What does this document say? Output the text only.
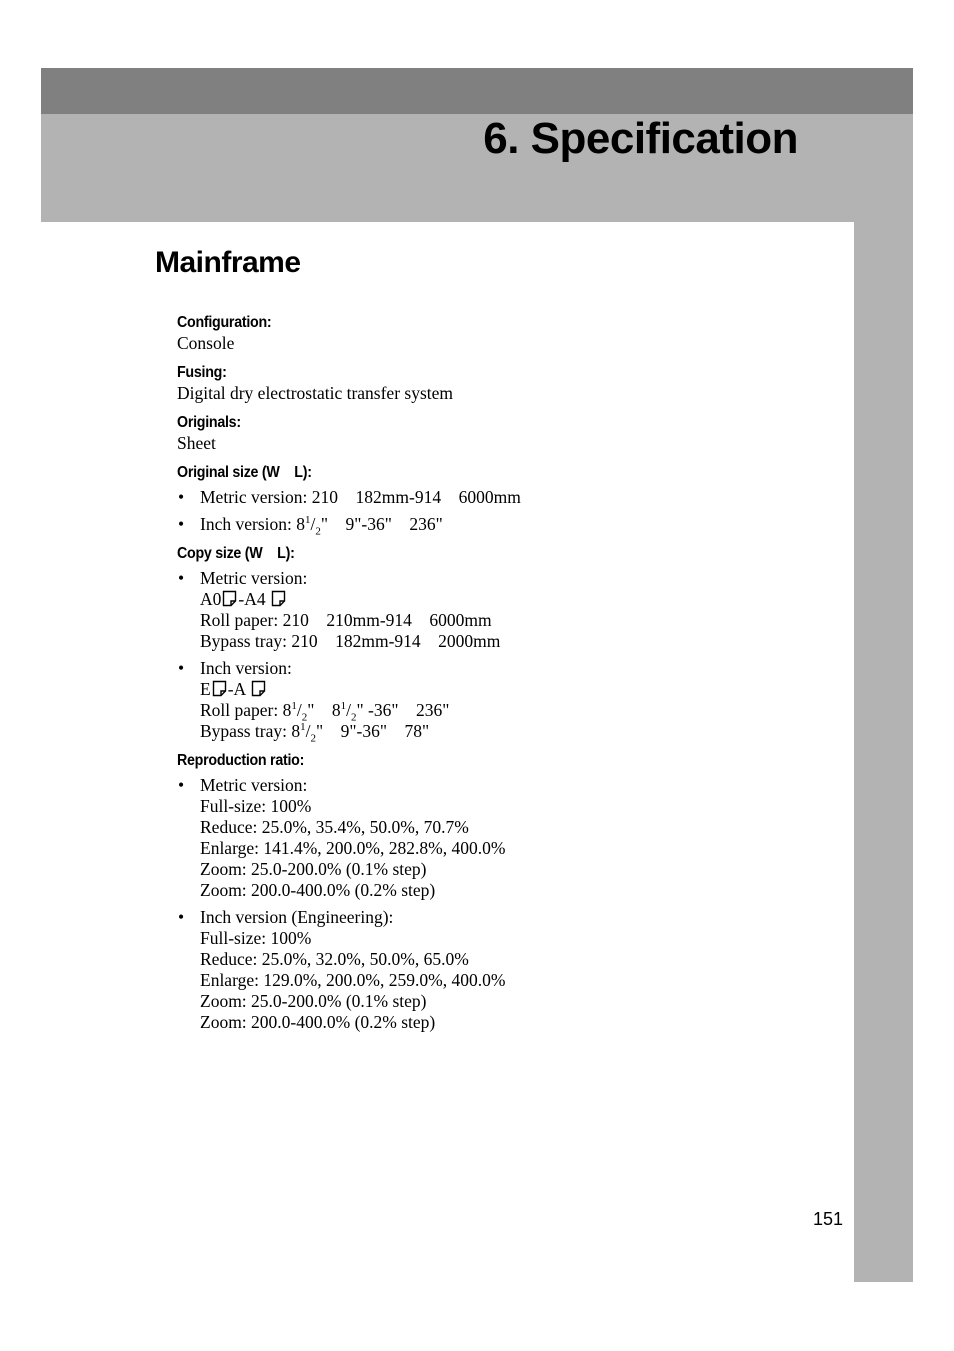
6. Specification
Mainframe
Configuration:
Console
Fusing:
Digital dry electrostatic transfer system
Originals:
Sheet
Original size (W    L):
• Metric version: 210    182mm-914    6000mm
• Inch version: $8^1/_2$"    9"-36"    236"
Copy size (W    L):
• Metric version:
A0 -A4
Roll paper: 210    210mm-914    6000mm
Bypass tray: 210    182mm-914    2000mm
• Inch version:
E -A
Roll paper: $8^1/_2$"    $8^1/_2$" -36"    236"
Bypass tray: $8^1/_2$"    9"-36"    78"
Reproduction ratio:
• Metric version:
Full-size: 100%
Reduce: 25.0%, 35.4%, 50.0%, 70.7%
Enlarge: 141.4%, 200.0%, 282.8%, 400.0%
Zoom: 25.0-200.0% (0.1% step)
Zoom: 200.0-400.0% (0.2% step)
• Inch version (Engineering):
Full-size: 100%
Reduce: 25.0%, 32.0%, 50.0%, 65.0%
Enlarge: 129.0%, 200.0%, 259.0%, 400.0%
Zoom: 25.0-200.0% (0.1% step)
Zoom: 200.0-400.0% (0.2% step)
151
